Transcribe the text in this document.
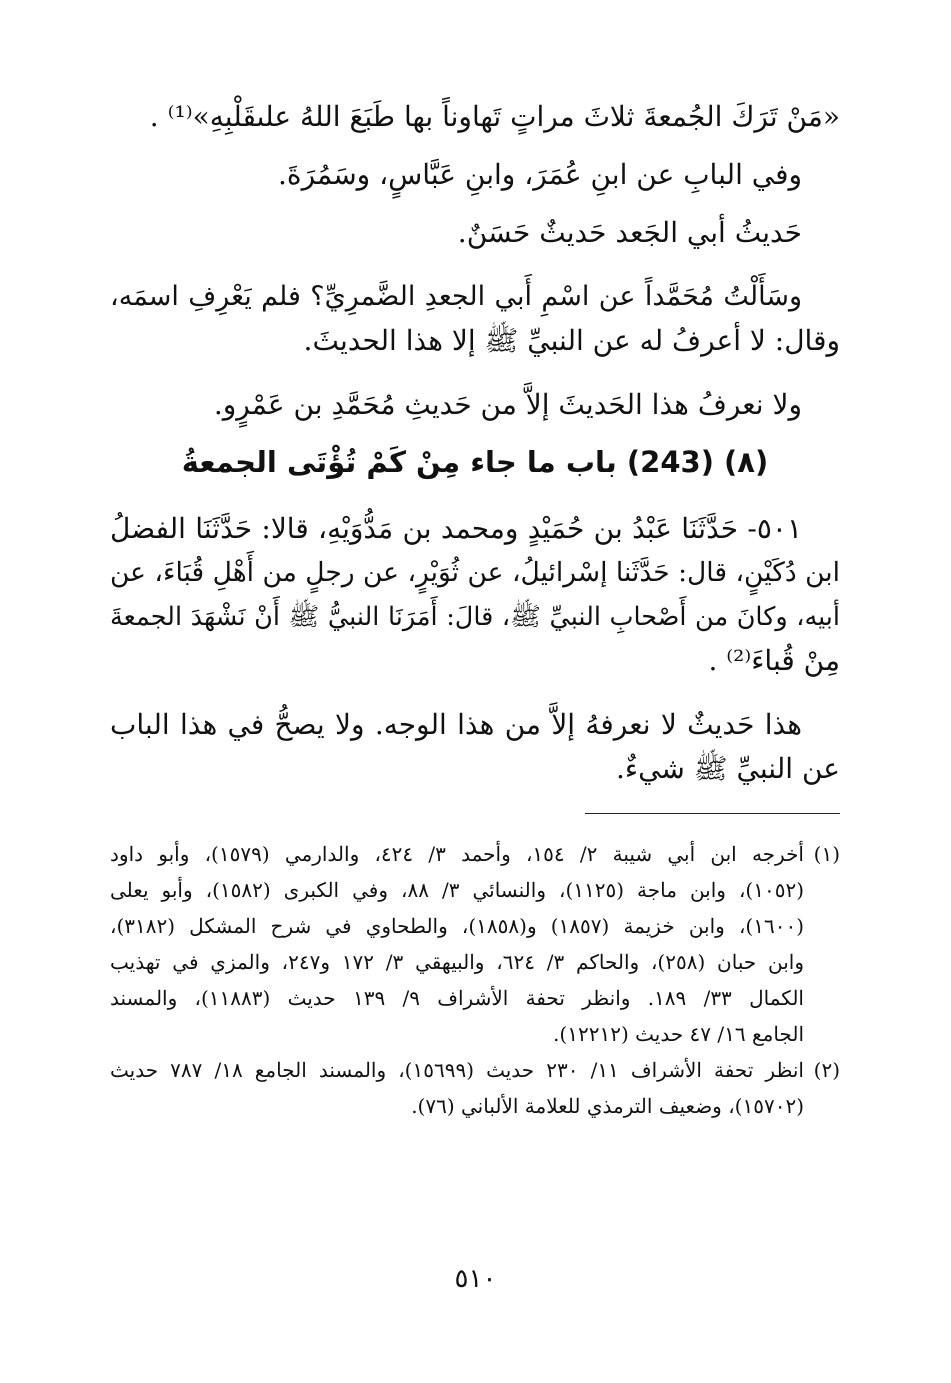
«مَنْ تَرَكَ الجُمعةَ ثلاثَ مراتٍ تَهاوناً بها طَبَعَ اللهُ علىقَلْبِهِ»⁽¹⁾ .
وفي البابِ عن ابنِ عُمَرَ، وابنِ عَبَّاسٍ، وسَمُرَةَ.
حَديثُ أبي الجَعد حَديثٌ حَسَنٌ.
وسَأَلْتُ مُحَمَّداً عن اسْمِ أَبي الجعدِ الضَّمرِيِّ؟ فلم يَعْرِفِ اسمَه،
وقال: لا أعرفُ له عن النبيِّ ﷺ إلا هذا الحديثَ.
ولا نعرفُ هذا الحَديثَ إلاَّ من حَديثِ مُحَمَّدِ بن عَمْرٍو.
(٨) (243) باب ما جاء مِنْ كَمْ تُؤْتَى الجمعةُ
٥٠١- حَدَّثَنَا عَبْدُ بن حُمَيْدٍ ومحمد بن مَدُّوَيْهِ، قالا: حَدَّثَنَا الفضلُ
ابن دُكَيْنٍ، قال: حَدَّثَنا إسْرائيلُ، عن ثُوَيْرٍ، عن رجلٍ من أَهْلِ قُبَاءَ، عن
أبيه، وكانَ من أَصْحابِ النبيِّ ﷺ، قالَ: أَمَرَنَا النبيُّ ﷺ أَنْ نَشْهَدَ الجمعةَ
مِنْ قُباءَ⁽²⁾ .
هذا حَديثٌ لا نعرفهُ إلاَّ من هذا الوجه. ولا يصحُّ في هذا الباب
عن النبيِّ ﷺ شيءٌ.
(١)
أخرجه ابن أبي شيبة ٢/ ١٥٤، وأحمد ٣/ ٤٢٤، والدارمي (١٥٧٩)، وأبو داود
(١٠٥٢)، وابن ماجة (١١٢٥)، والنسائي ٣/ ٨٨، وفي الكبرى (١٥٨٢)، وأبو يعلى
(١٦٠٠)، وابن خزيمة (١٨٥٧) و(١٨٥٨)، والطحاوي في شرح المشكل (٣١٨٢)،
وابن حبان (٢٥٨)، والحاكم ٣/ ٦٢٤، والبيهقي ٣/ ١٧٢ و٢٤٧، والمزي في تهذيب
الكمال ٣٣/ ١٨٩. وانظر تحفة الأشراف ٩/ ١٣٩ حديث (١١٨٨٣)، والمسند
الجامع ١٦/ ٤٧ حديث (١٢٢١٢).
(٢)
انظر تحفة الأشراف ١١/ ٢٣٠ حديث (١٥٦٩٩)، والمسند الجامع ١٨/ ٧٨٧ حديث
(١٥٧٠٢)، وضعيف الترمذي للعلامة الألباني (٧٦).
٥١٠
